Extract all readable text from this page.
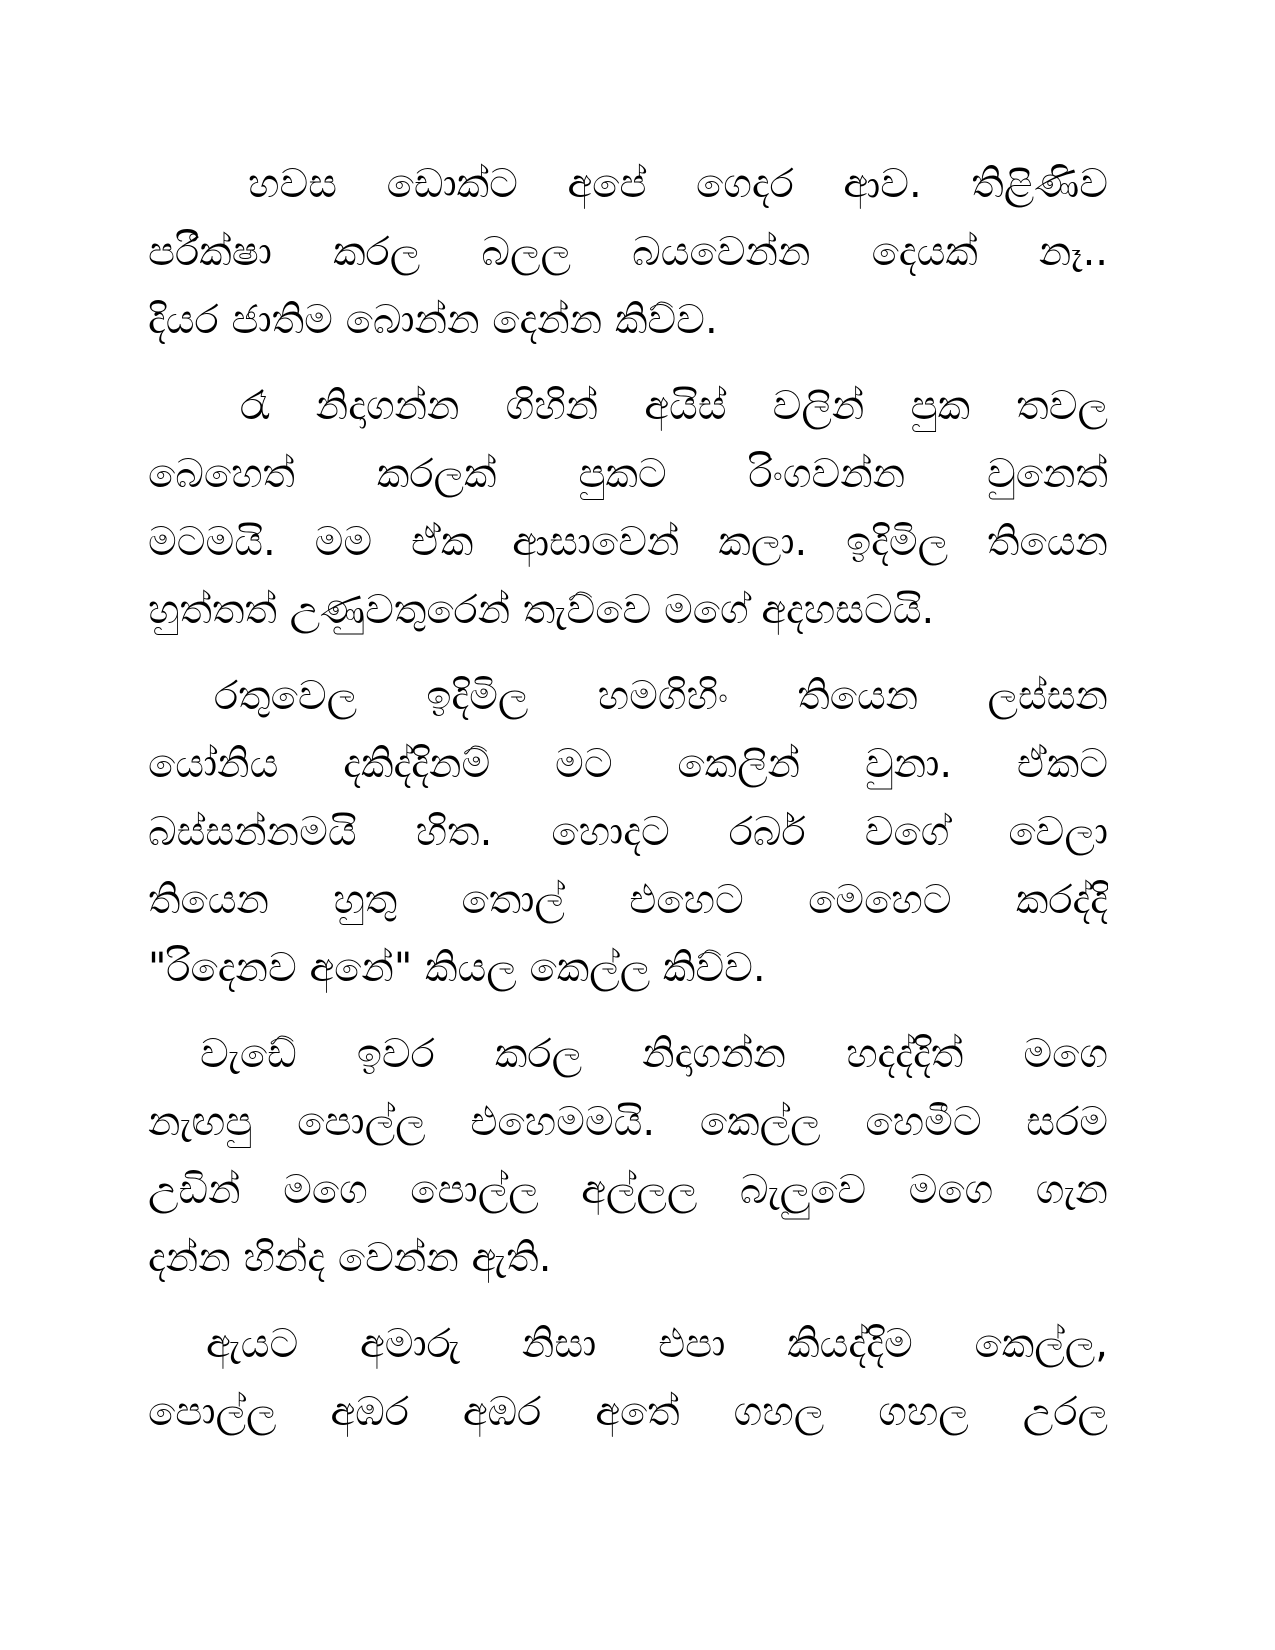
හවස ඩොක්ට අපේ ගෙදර ආව. තිළිණිව
පරීක්ෂා කරල බලල බයවෙන්න දෙයක් නෑ..
දියර ජාතිම බොන්න දෙන්න කිව්ව.
රෑ නිදාගන්න ගිහින් අයිස් වලින් පුක තවල
බෙහෙත් කරලක් පුකට රිංගවන්න වුනෙත්
මටමයි. මම ඒක ආසාවෙන් කලා. ඉදිමිල තියෙන
හුත්තත් උණුවතුරෙන් තැව්වෙ මගේ අදහසටයි.
රතුවෙල ඉදිමිල හමගිහිං තියෙන ලස්සන
යෝනිය දකිද්දිනම් මට කෙලින් වුනා. ඒකට
බස්සන්නමයි හිත. හොදට රබර් වගේ වෙලා
තියෙන හුතු තොල් එහෙට මෙහෙට කරද්දි
"රිදෙනව අනේ" කියල කෙල්ල කිව්ව.
වැඩේ ඉවර කරල නිදාගන්න හදද්දිත් මගෙ
නැඟපු පොල්ල එහෙමමයි. කෙල්ල හෙමීට සරම
උඩින් මගෙ පොල්ල අල්ලල බැලුවෙ මගෙ ගැන
දන්න හින්ද වෙන්න ඇති.
ඇයට අමාරු නිසා එපා කියද්දිම කෙල්ල,
පොල්ල අඹර අඹර අතේ ගහල ගහල උරල
